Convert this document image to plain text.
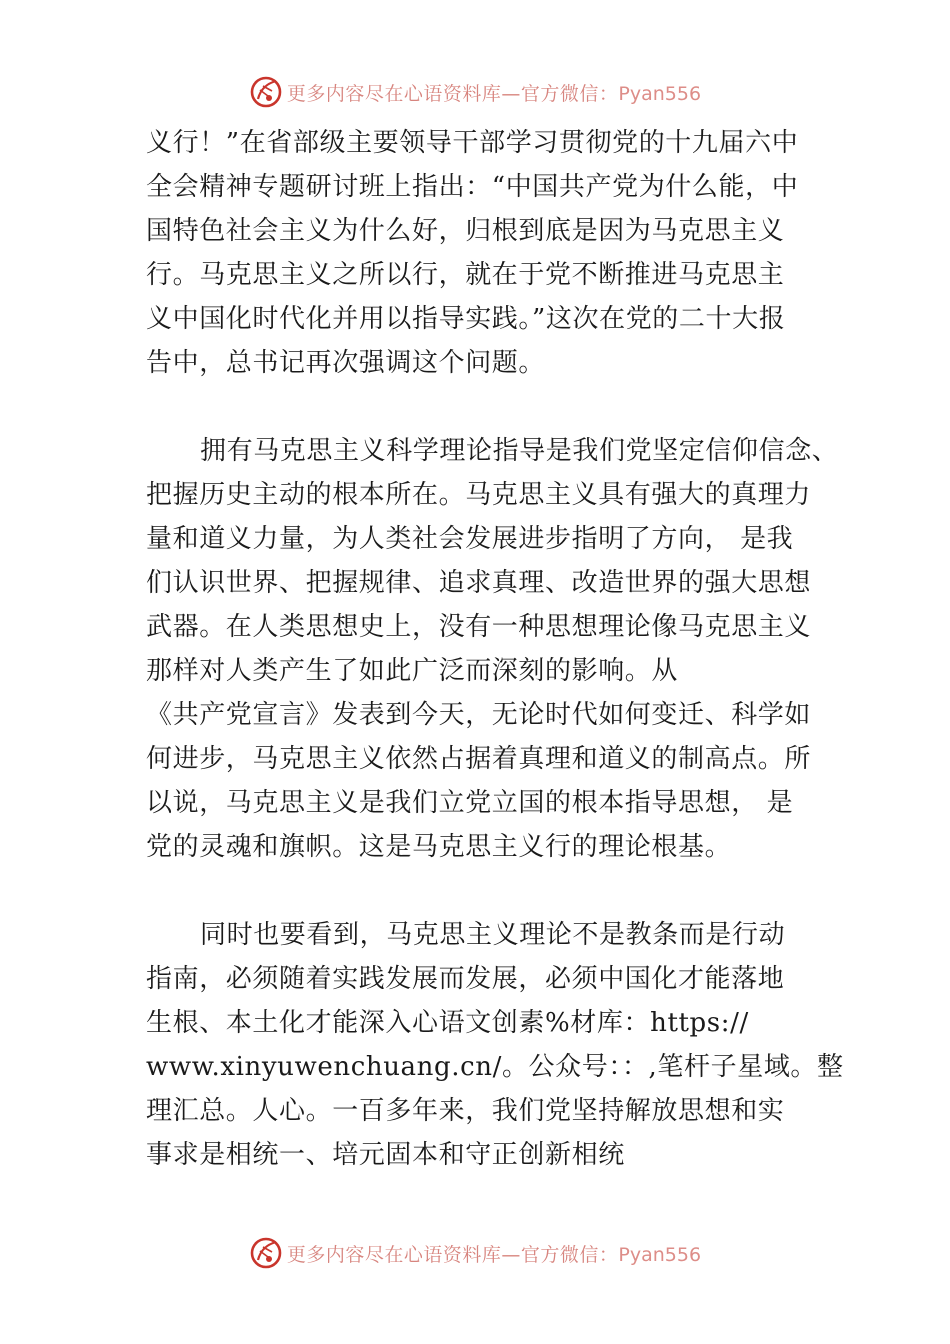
更多内容尽在心语资料库—官方微信：Pyan556
义行！”在省部级主要领导干部学习贯彻党的十九届六中
全会精神专题研讨班上指出：“中国共产党为什么能，中
国特色社会主义为什么好，归根到底是因为马克思主义
行。马克思主义之所以行，就在于党不断推进马克思主
义中国化时代化并用以指导实践。”这次在党的二十大报
告中，总书记再次强调这个问题。
拥有马克思主义科学理论指导是我们党坚定信仰信念、
把握历史主动的根本所在。马克思主义具有强大的真理力
量和道义力量，为人类社会发展进步指明了方向， 是我
们认识世界、把握规律、追求真理、改造世界的强大思想
武器。在人类思想史上，没有一种思想理论像马克思主义
那样对人类产生了如此广泛而深刻的影响。从
《共产党宣言》发表到今天，无论时代如何变迁、科学如
何进步，马克思主义依然占据着真理和道义的制高点。所
以说，马克思主义是我们立党立国的根本指导思想， 是
党的灵魂和旗帜。这是马克思主义行的理论根基。
同时也要看到，马克思主义理论不是教条而是行动
指南，必须随着实践发展而发展，必须中国化才能落地
生根、本土化才能深入心语文创素%材库：https://
www.xinyuwenchuang.cn/。公众号：：,笔杆子星域。整
理汇总。人心。一百多年来，我们党坚持解放思想和实
事求是相统一、培元固本和守正创新相统
更多内容尽在心语资料库—官方微信：Pyan556
